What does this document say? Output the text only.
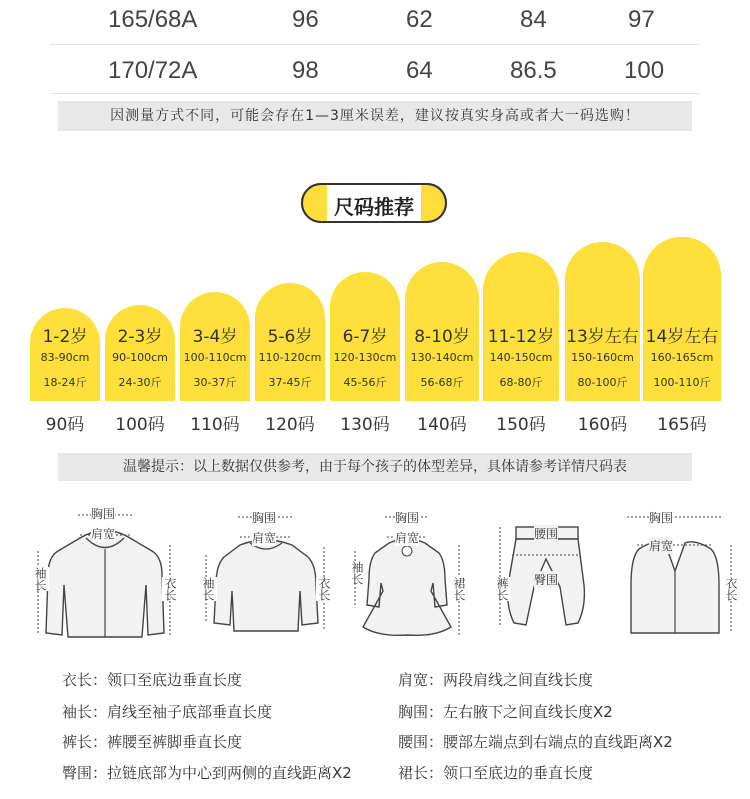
165/68A	96	62	84	97
170/72A	98	64	86.5	100
因测量方式不同，可能会存在1—3厘米误差，建议按真实身高或者大一码选购！
尺码推荐
1-2岁
83-90cm
18-24斤
90码
2-3岁
90-100cm
24-30斤
100码
3-4岁
100-110cm
30-37斤
110码
5-6岁
110-120cm
37-45斤
120码
6-7岁
120-130cm
45-56斤
130码
8-10岁
130-140cm
56-68斤
140码
11-12岁
140-150cm
68-80斤
150码
13岁左右
150-160cm
80-100斤
160码
14岁左右
160-165cm
100-110斤
165码
温馨提示：以上数据仅供参考，由于每个孩子的体型差异，具体请参考详情尺码表
胸围
肩宽
袖长	衣长
胸围
肩宽
袖长	衣长
胸围
肩宽
袖长
裙长
腰围
臀围
裤长
胸围
肩宽
衣长
衣长：领口至底边垂直长度
袖长：肩线至袖子底部垂直长度
裤长：裤腰至裤脚垂直长度
臀围：拉链底部为中心到两侧的直线距离X2
肩宽：两段肩线之间直线长度
胸围：左右腋下之间直线长度X2
腰围：腰部左端点到右端点的直线距离X2
裙长：领口至底边的垂直长度
